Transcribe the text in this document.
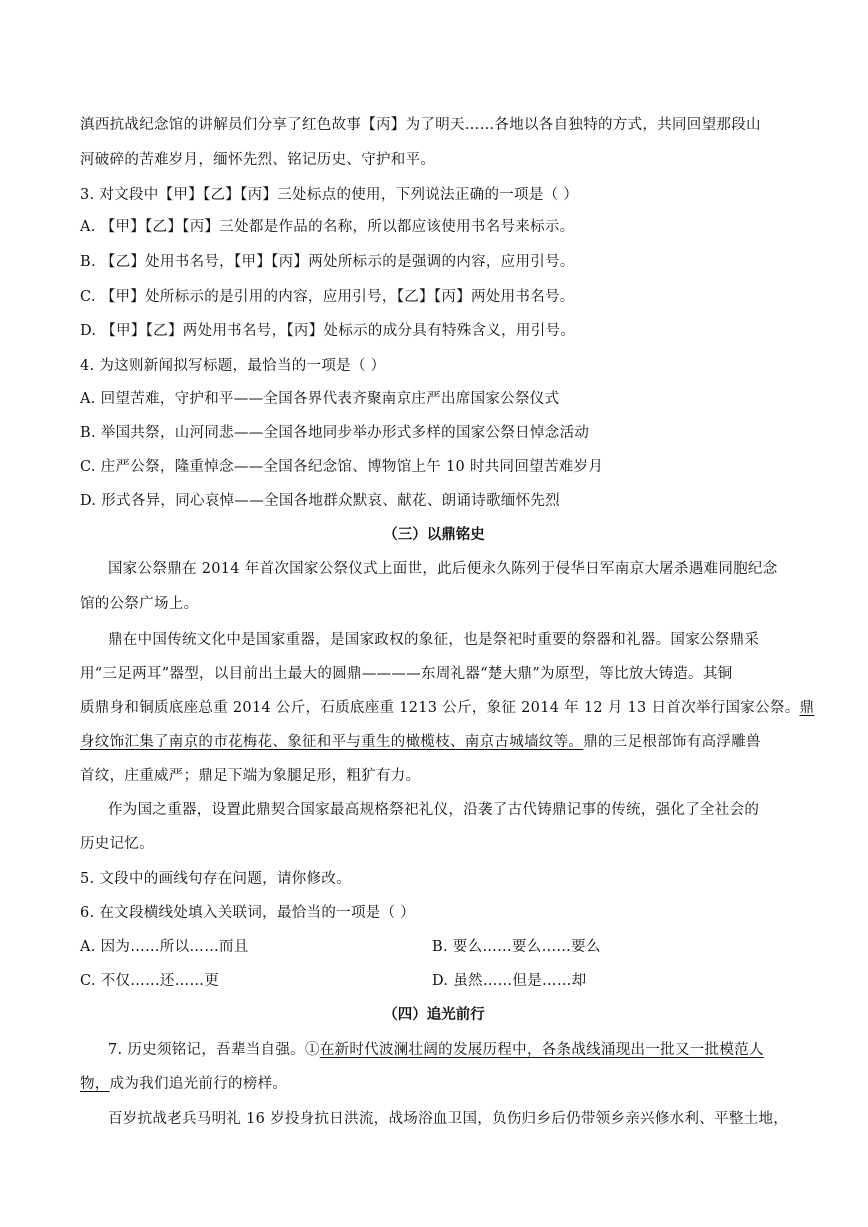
滇西抗战纪念馆的讲解员们分享了红色故事【丙】为了明天……各地以各自独特的方式，共同回望那段山
河破碎的苦难岁月，缅怀先烈、铭记历史、守护和平。
3. 对文段中【甲】【乙】【丙】三处标点的使用，下列说法正确的一项是（ ）
A. 【甲】【乙】【丙】三处都是作品的名称，所以都应该使用书名号来标示。
B. 【乙】处用书名号，【甲】【丙】两处所标示的是强调的内容，应用引号。
C. 【甲】处所标示的是引用的内容，应用引号，【乙】【丙】两处用书名号。
D. 【甲】【乙】两处用书名号，【丙】处标示的成分具有特殊含义，用引号。
4. 为这则新闻拟写标题，最恰当的一项是（ ）
A. 回望苦难，守护和平——全国各界代表齐聚南京庄严出席国家公祭仪式
B. 举国共祭，山河同悲——全国各地同步举办形式多样的国家公祭日悼念活动
C. 庄严公祭，隆重悼念——全国各纪念馆、博物馆上午 10 时共同回望苦难岁月
D. 形式各异，同心哀悼——全国各地群众默哀、献花、朗诵诗歌缅怀先烈
（三）以鼎铭史
国家公祭鼎在 2014 年首次国家公祭仪式上面世，此后便永久陈列于侵华日军南京大屠杀遇难同胞纪念
馆的公祭广场上。
鼎在中国传统文化中是国家重器，是国家政权的象征，也是祭祀时重要的祭器和礼器。国家公祭鼎采
用“三足两耳”器型，以目前出土最大的圆鼎————东周礼器“楚大鼎”为原型，等比放大铸造。其铜
质鼎身和铜质底座总重 2014 公斤，石质底座重 1213 公斤，象征 2014 年 12 月 13 日首次举行国家公祭。鼎
身纹饰汇集了南京的市花梅花、象征和平与重生的橄榄枝、南京古城墙纹等。鼎的三足根部饰有高浮雕兽
首纹，庄重威严；鼎足下端为象腿足形，粗犷有力。
作为国之重器，设置此鼎契合国家最高规格祭祀礼仪，沿袭了古代铸鼎记事的传统，强化了全社会的
历史记忆。
5. 文段中的画线句存在问题，请你修改。
6. 在文段横线处填入关联词，最恰当的一项是（ ）
A. 因为……所以……而且	B. 要么……要么……要么
C. 不仅……还……更	D. 虽然……但是……却
（四）追光前行
7. 历史须铭记，吾辈当自强。①在新时代波澜壮阔的发展历程中，各条战线涌现出一批又一批模范人
物，成为我们追光前行的榜样。
百岁抗战老兵马明礼 16 岁投身抗日洪流，战场浴血卫国，负伤归乡后仍带领乡亲兴修水利、平整土地，
